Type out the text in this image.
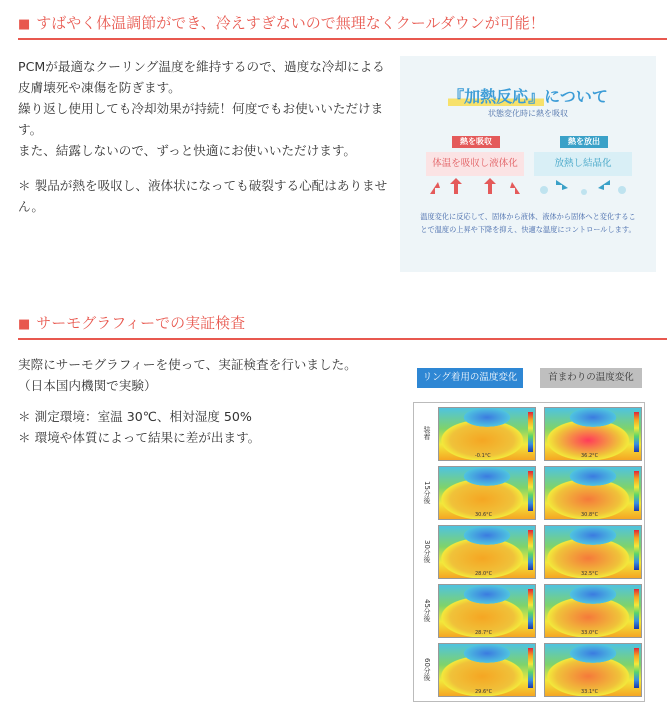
■ すばやく体温調節ができ、冷えすぎないので無理なくクールダウンが可能！

PCMが最適なクーリング温度を維持するので、過度な冷却による皮膚壊死や凍傷を防ぎます。

繰り返し使用しても冷却効果が持続！何度でもお使いいただけます。

また、結露しないので、ずっと快適にお使いいただけます。

＊ 製品が熱を吸収し、液体状になっても破裂する心配はありません。

『加熱反応』について
状態変化時に熱を吸収
熱を吸収	熱を放出
体温を吸収し液体化	放熱し結晶化
温度変化に反応して、固体から液体、液体から固体へと変化することで温度の上昇や下降を抑え、快適な温度にコントロールします。
■ サーモグラフィーでの実証検査

実際にサーモグラフィーを使って、実証検査を行いました。

（日本国内機関で実験）

＊ 測定環境：室温 30℃、相対湿度 50%

＊ 環境や体質によって結果に差が出ます。

リング着用の温度変化	首まわりの温度変化
装着
-0.1°C	36.2°C
15分後
30.6°C	30.8°C
30分後
28.0°C	32.5°C
45分後
28.7°C	33.0°C
60分後
29.6°C	33.1°C
